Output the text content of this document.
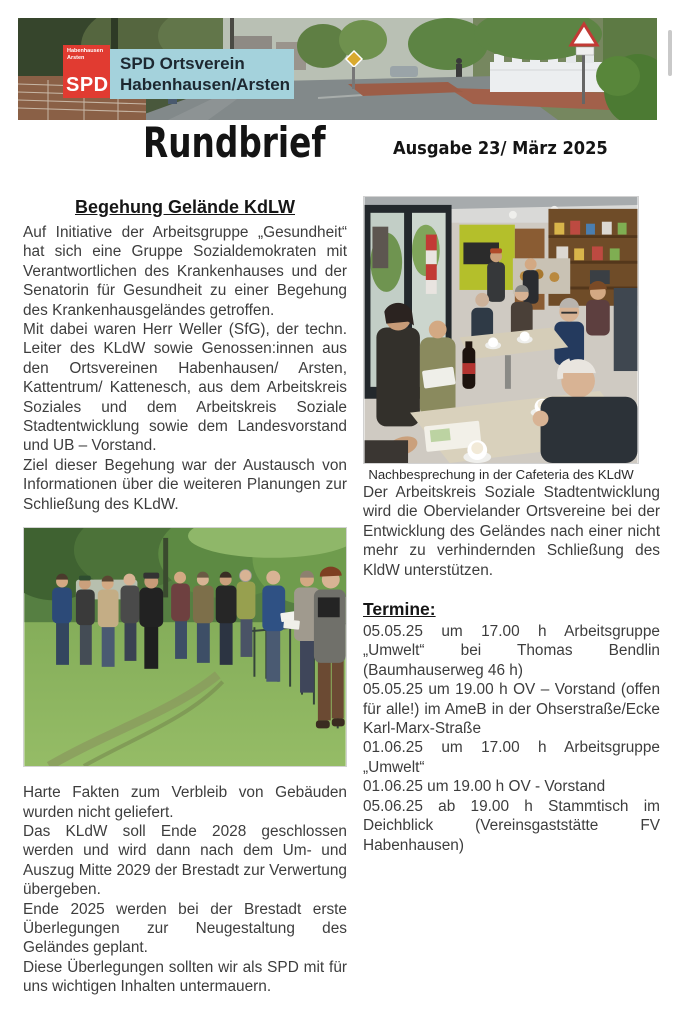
Habenhausen
Arsten
SPD
SPD Ortsverein
Habenhausen/Arsten
Rundbrief	Ausgabe 23/ März 2025
Begehung Gelände KdLW

Auf Initiative der Arbeitsgruppe „Gesundheit“ hat sich eine Gruppe Sozialdemokraten mit Verantwortlichen des Krankenhauses und der Senatorin für Gesundheit zu einer Begehung des Krankenhausgeländes getroffen.

Mit dabei waren Herr Weller (SfG), der techn. Leiter des KLdW sowie Genossen:innen aus den Ortsvereinen Habenhausen/ Arsten, Kattentrum/ Kattenesch, aus dem Arbeitskreis Soziales und dem Arbeitskreis Soziale Stadtentwicklung sowie dem Landesvorstand und UB – Vorstand.

Ziel dieser Begehung war der Austausch von Informationen über die weiteren Planungen zur Schließung des KLdW.

Harte Fakten zum Verbleib von Gebäuden wurden nicht geliefert.

Das KLdW soll Ende 2028 geschlossen werden und wird dann nach dem Um- und Auszug Mitte 2029 der Brestadt zur Verwertung übergeben.

Ende 2025 werden bei der Brestadt erste Überlegungen zur Neugestaltung des Geländes geplant.

Diese Überlegungen sollten wir als SPD mit für uns wichtigen Inhalten untermauern.

Nachbesprechung in der Cafeteria des KLdW

Der Arbeitskreis Soziale Stadtentwicklung wird die Obervielander Ortsvereine bei der Entwicklung des Geländes nach einer nicht mehr zu verhindernden Schließung des KldW unterstützen.

Termine:

05.05.25 um 17.00 h Arbeitsgruppe „Umwelt“ bei Thomas Bendlin (Baumhauserweg 46 h)

05.05.25 um 19.00 h OV – Vorstand (offen für alle!) im AmeB in der Ohserstraße/Ecke Karl-Marx-Straße

01.06.25 um 17.00 h Arbeitsgruppe „Umwelt“

01.06.25 um 19.00 h OV - Vorstand

05.06.25 ab 19.00 h Stammtisch im Deichblick (Vereinsgaststätte FV Habenhausen)
